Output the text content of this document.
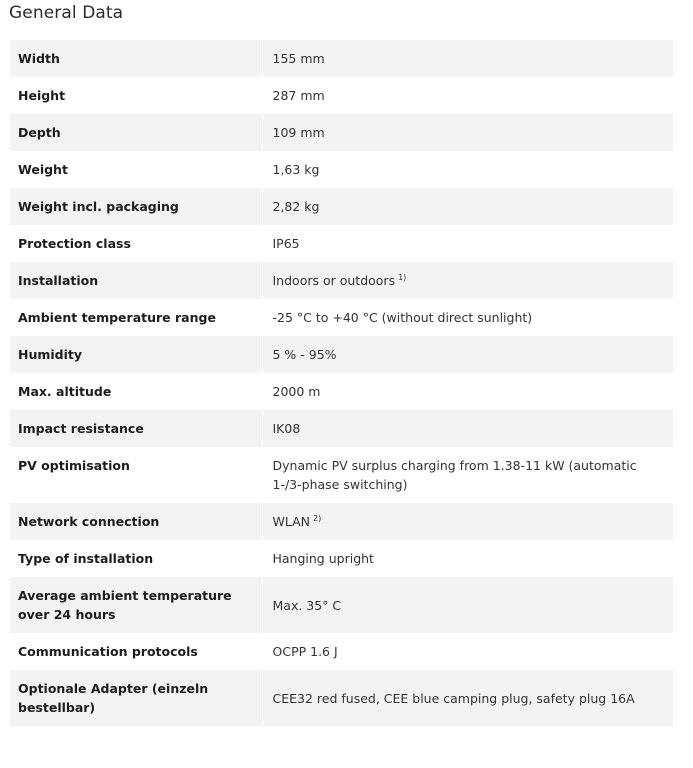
General Data
Width	155 mm
Height	287 mm
Depth	109 mm
Weight	1,63 kg
Weight incl. packaging	2,82 kg
Protection class	IP65
Installation	Indoors or outdoors $^{1)}$
Ambient temperature range	-25 °C to +40 °C (without direct sunlight)
Humidity	5 % - 95%
Max. altitude	2000 m
Impact resistance	IK08
PV optimisation	Dynamic PV surplus charging from 1.38-11 kW (automatic 1-/3-phase switching)
Network connection	WLAN $^{2)}$
Type of installation	Hanging upright
Average ambient temperature over 24 hours	Max. 35° C
Communication protocols	OCPP 1.6 J
Optionale Adapter (einzeln bestellbar)	CEE32 red fused, CEE blue camping plug, safety plug 16A
